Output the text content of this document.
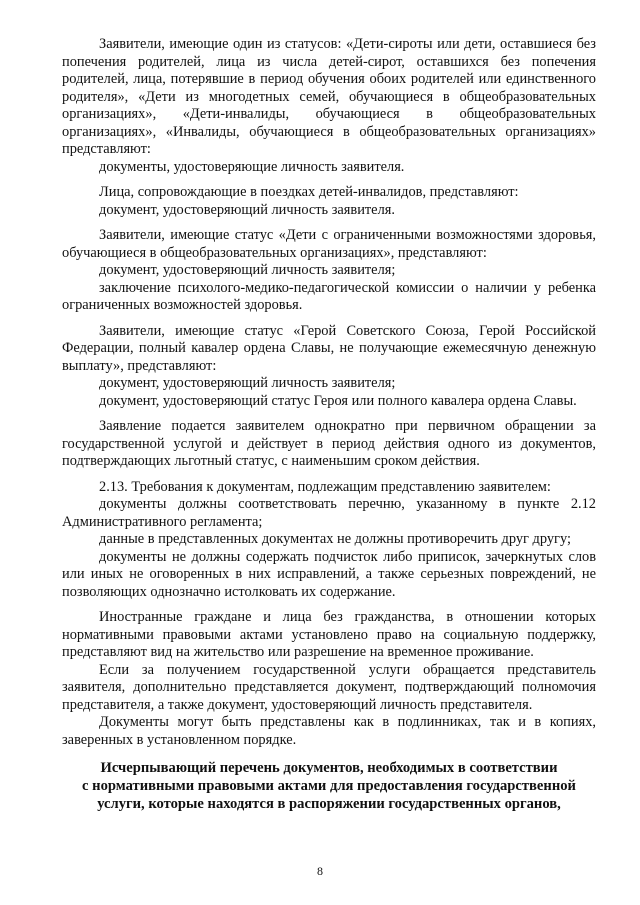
Заявители, имеющие один из статусов: «Дети-сироты или дети, оставшиеся без попечения родителей, лица из числа детей-сирот, оставшихся без попечения родителей, лица, потерявшие в период обучения обоих родителей или единственного родителя», «Дети из многодетных семей, обучающиеся в общеобразовательных организациях», «Дети-инвалиды, обучающиеся в общеобразовательных организациях», «Инвалиды, обучающиеся в общеобразовательных организациях» представляют:

документы, удостоверяющие личность заявителя.

Лица, сопровождающие в поездках детей-инвалидов, представляют:

документ, удостоверяющий личность заявителя.

Заявители, имеющие статус «Дети с ограниченными возможностями здоровья, обучающиеся в общеобразовательных организациях», представляют:

документ, удостоверяющий личность заявителя;

заключение психолого-медико-педагогической комиссии о наличии у ребенка ограниченных возможностей здоровья.

Заявители, имеющие статус «Герой Советского Союза, Герой Российской Федерации, полный кавалер ордена Славы, не получающие ежемесячную денежную выплату», представляют:

документ, удостоверяющий личность заявителя;

документ, удостоверяющий статус Героя или полного кавалера ордена Славы.

Заявление подается заявителем однократно при первичном обращении за государственной услугой и действует в период действия одного из документов, подтверждающих льготный статус, с наименьшим сроком действия.

2.13. Требования к документам, подлежащим представлению заявителем:

документы должны соответствовать перечню, указанному в пункте 2.12 Административного регламента;

данные в представленных документах не должны противоречить друг другу;

документы не должны содержать подчисток либо приписок, зачеркнутых слов или иных не оговоренных в них исправлений, а также серьезных повреждений, не позволяющих однозначно истолковать их содержание.

Иностранные граждане и лица без гражданства, в отношении которых нормативными правовыми актами установлено право на социальную поддержку, представляют вид на жительство или разрешение на временное проживание.

Если за получением государственной услуги обращается представитель заявителя, дополнительно представляется документ, подтверждающий полномочия представителя, а также документ, удостоверяющий личность представителя.

Документы могут быть представлены как в подлинниках, так и в копиях, заверенных в установленном порядке.

Исчерпывающий перечень документов, необходимых в соответствии
с нормативными правовыми актами для предоставления государственной
услуги, которые находятся в распоряжении государственных органов,
8
